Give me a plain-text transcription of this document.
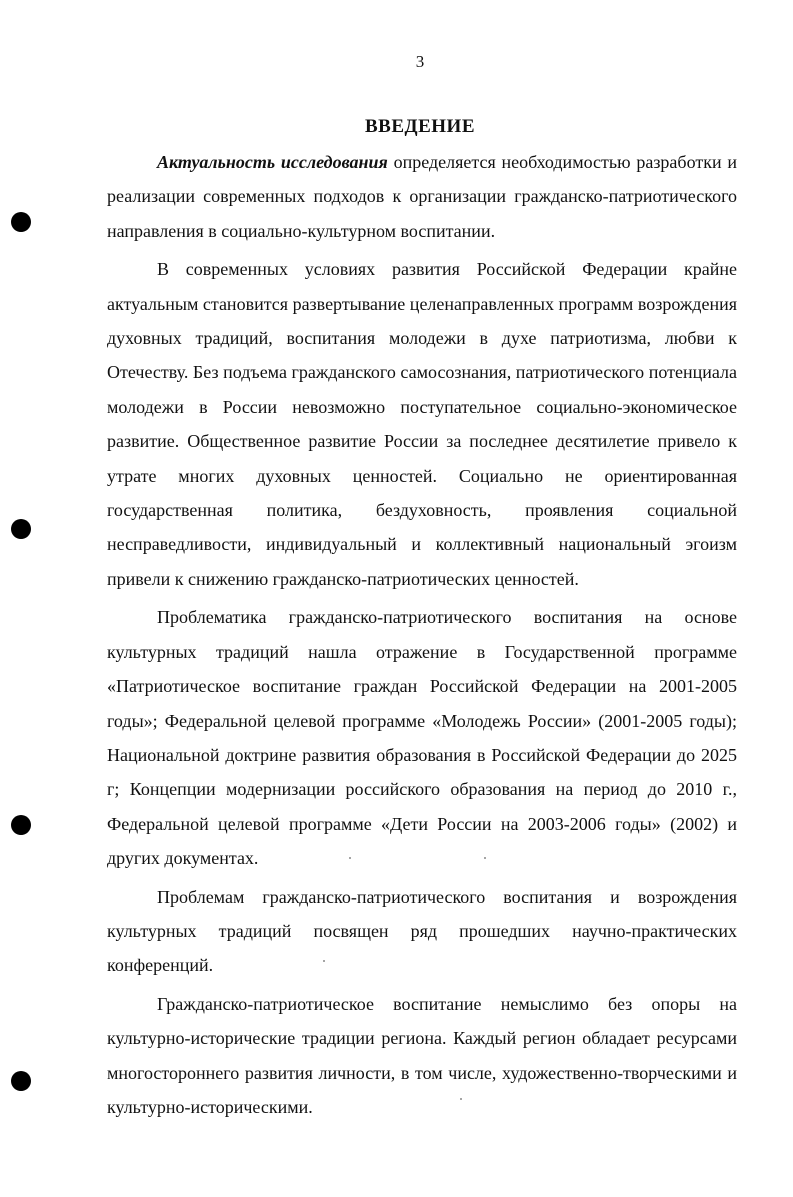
3
ВВЕДЕНИЕ

Актуальность исследования определяется необходимостью разработки и реализации современных подходов к организации гражданско-патриотического направления в социально-культурном воспитании.

В современных условиях развития Российской Федерации крайне актуальным становится развертывание целенаправленных программ возрождения духовных традиций, воспитания молодежи в духе патриотизма, любви к Отечеству. Без подъема гражданского самосознания, патриотического потенциала молодежи в России невозможно поступательное социально-экономическое развитие. Общественное развитие России за последнее десятилетие привело к утрате многих духовных ценностей. Социально не ориентированная государственная политика, бездуховность, проявления социальной несправедливости, индивидуальный и коллективный национальный эгоизм привели к снижению гражданско-патриотических ценностей.

Проблематика гражданско-патриотического воспитания на основе культурных традиций нашла отражение в Государственной программе «Патриотическое воспитание граждан Российской Федерации на 2001-2005 годы»; Федеральной целевой программе «Молодежь России» (2001-2005 годы); Национальной доктрине развития образования в Российской Федерации до 2025 г; Концепции модернизации российского образования на период до 2010 г., Федеральной целевой программе «Дети России на 2003-2006 годы» (2002) и других документах.

Проблемам гражданско-патриотического воспитания и возрождения культурных традиций посвящен ряд прошедших научно-практических конференций.

Гражданско-патриотическое воспитание немыслимо без опоры на культурно-исторические традиции региона. Каждый регион обладает ресурсами многостороннего развития личности, в том числе, художественно-творческими и культурно-историческими.
